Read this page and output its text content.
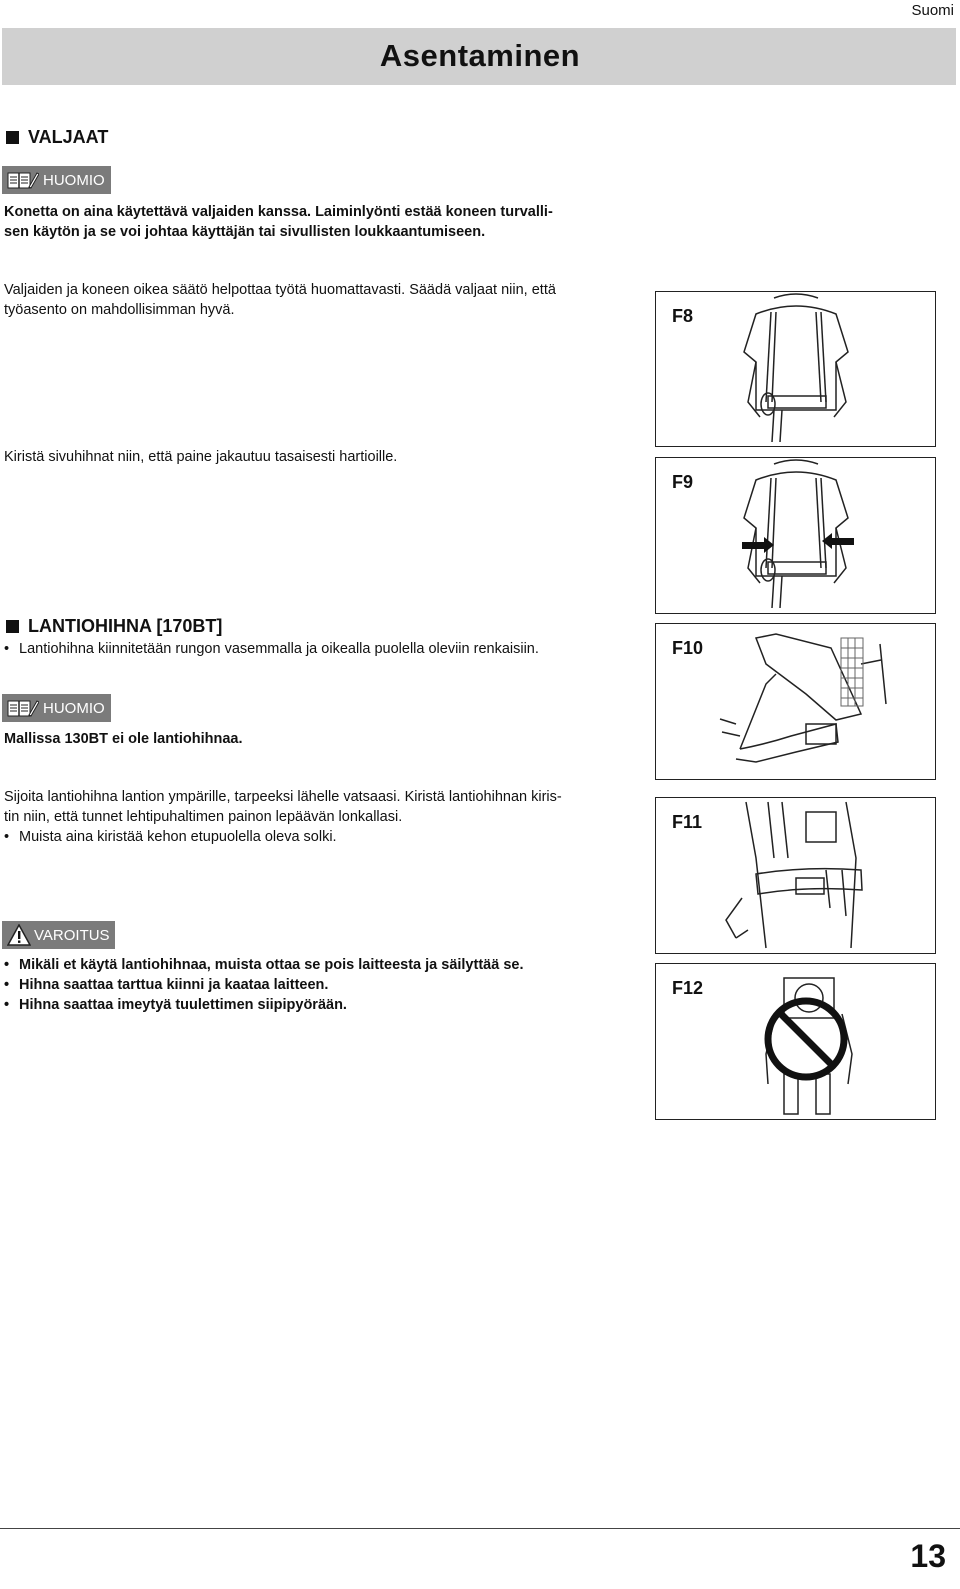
Suomi
Asentaminen
VALJAAT
HUOMIO
Konetta on aina käytettävä valjaiden kanssa. Laiminlyönti estää koneen turvalli-
sen käytön ja se voi johtaa käyttäjän tai sivullisten loukkaantumiseen.
Valjaiden ja koneen oikea säätö helpottaa työtä huomattavasti. Säädä valjaat niin, että
työasento on mahdollisimman hyvä.
Kiristä sivuhihnat niin, että paine jakautuu tasaisesti hartioille.
LANTIOHIHNA [170BT]
• Lantiohihna kiinnitetään rungon vasemmalla ja oikealla puolella oleviin renkaisiin.
HUOMIO
Mallissa 130BT ei ole lantiohihnaa.
Sijoita lantiohihna lantion ympärille, tarpeeksi lähelle vatsaasi. Kiristä lantiohihnan kiris-
tin niin, että tunnet lehtipuhaltimen painon lepäävän lonkallasi.
• Muista aina kiristää kehon etupuolella oleva solki.
VAROITUS
• Mikäli et käytä lantiohihnaa, muista ottaa se pois laitteesta ja säilyttää se.
• Hihna saattaa tarttua kiinni ja kaataa laitteen.
• Hihna saattaa imeytyä tuulettimen siipipyörään.
F8
F9
F10
F11
F12
13
